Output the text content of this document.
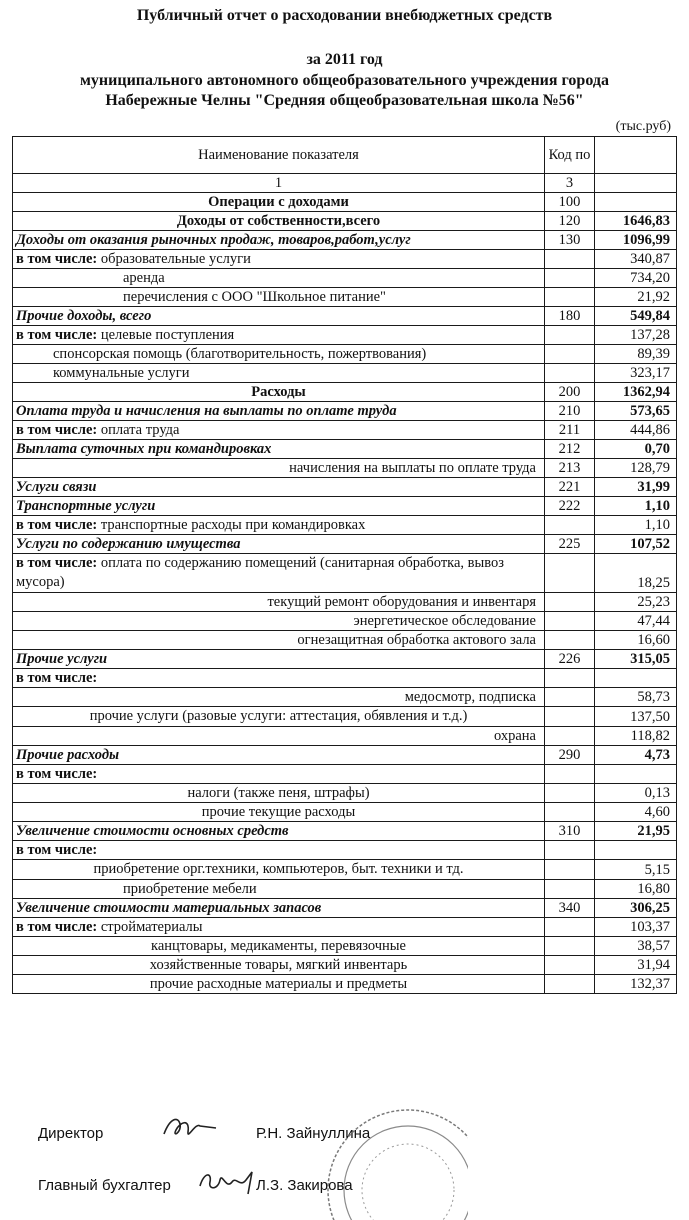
Публичный отчет о расходовании внебюджетных средств
за 2011 год
муниципального автономного общеобразовательного учреждения города
Набережные Челны "Средняя общеобразовательная школа №56"
(тыс.руб)
Наименование показателя	Код по	
1	3	
Операции с доходами	100	
Доходы от собственности,всего	120	1646,83
Доходы от оказания рыночных продаж, товаров,работ,услуг	130	1096,99
в том числе: образовательные услуги		340,87
аренда		734,20
перечисления с ООО "Школьное питание"		21,92
Прочие доходы, всего	180	549,84
в том числе: целевые поступления		137,28
спонсорская помощь (благотворительность, пожертвования)		89,39
коммунальные услуги		323,17
Расходы	200	1362,94
Оплата труда и начисления на выплаты по оплате труда	210	573,65
в том числе: оплата труда	211	444,86
Выплата суточных при командировках	212	0,70
начисления на выплаты по оплате труда	213	128,79
Услуги связи	221	31,99
Транспортные услуги	222	1,10
в том числе: транспортные расходы при командировках		1,10
Услуги по содержанию имущества	225	107,52
в том числе: оплата по содержанию помещений (санитарная обработка, вывоз мусора)		18,25
текущий ремонт оборудования и инвентаря		25,23
энергетическое обследование		47,44
огнезащитная обработка актового зала		16,60
Прочие услуги	226	315,05
в том числе:		
медосмотр, подписка		58,73
прочие услуги (разовые услуги: аттестация, обявления и т.д.)		137,50
охрана		118,82
Прочие расходы	290	4,73
в том числе:		
налоги (также пеня, штрафы)		0,13
прочие текущие расходы		4,60
Увеличение стоимости основных средств	310	21,95
в том числе:		
приобретение орг.техники, компьютеров, быт. техники и тд.		5,15
приобретение мебели		16,80
Увеличение стоимости материальных запасов	340	306,25
в том числе: стройматериалы		103,37
канцтовары, медикаменты, перевязочные		38,57
хозяйственные товары, мягкий инвентарь		31,94
прочие расходные материалы и предметы		132,37
Директор	Р.Н. Зайнуллина
Главный бухгалтер	Л.З. Закирова
